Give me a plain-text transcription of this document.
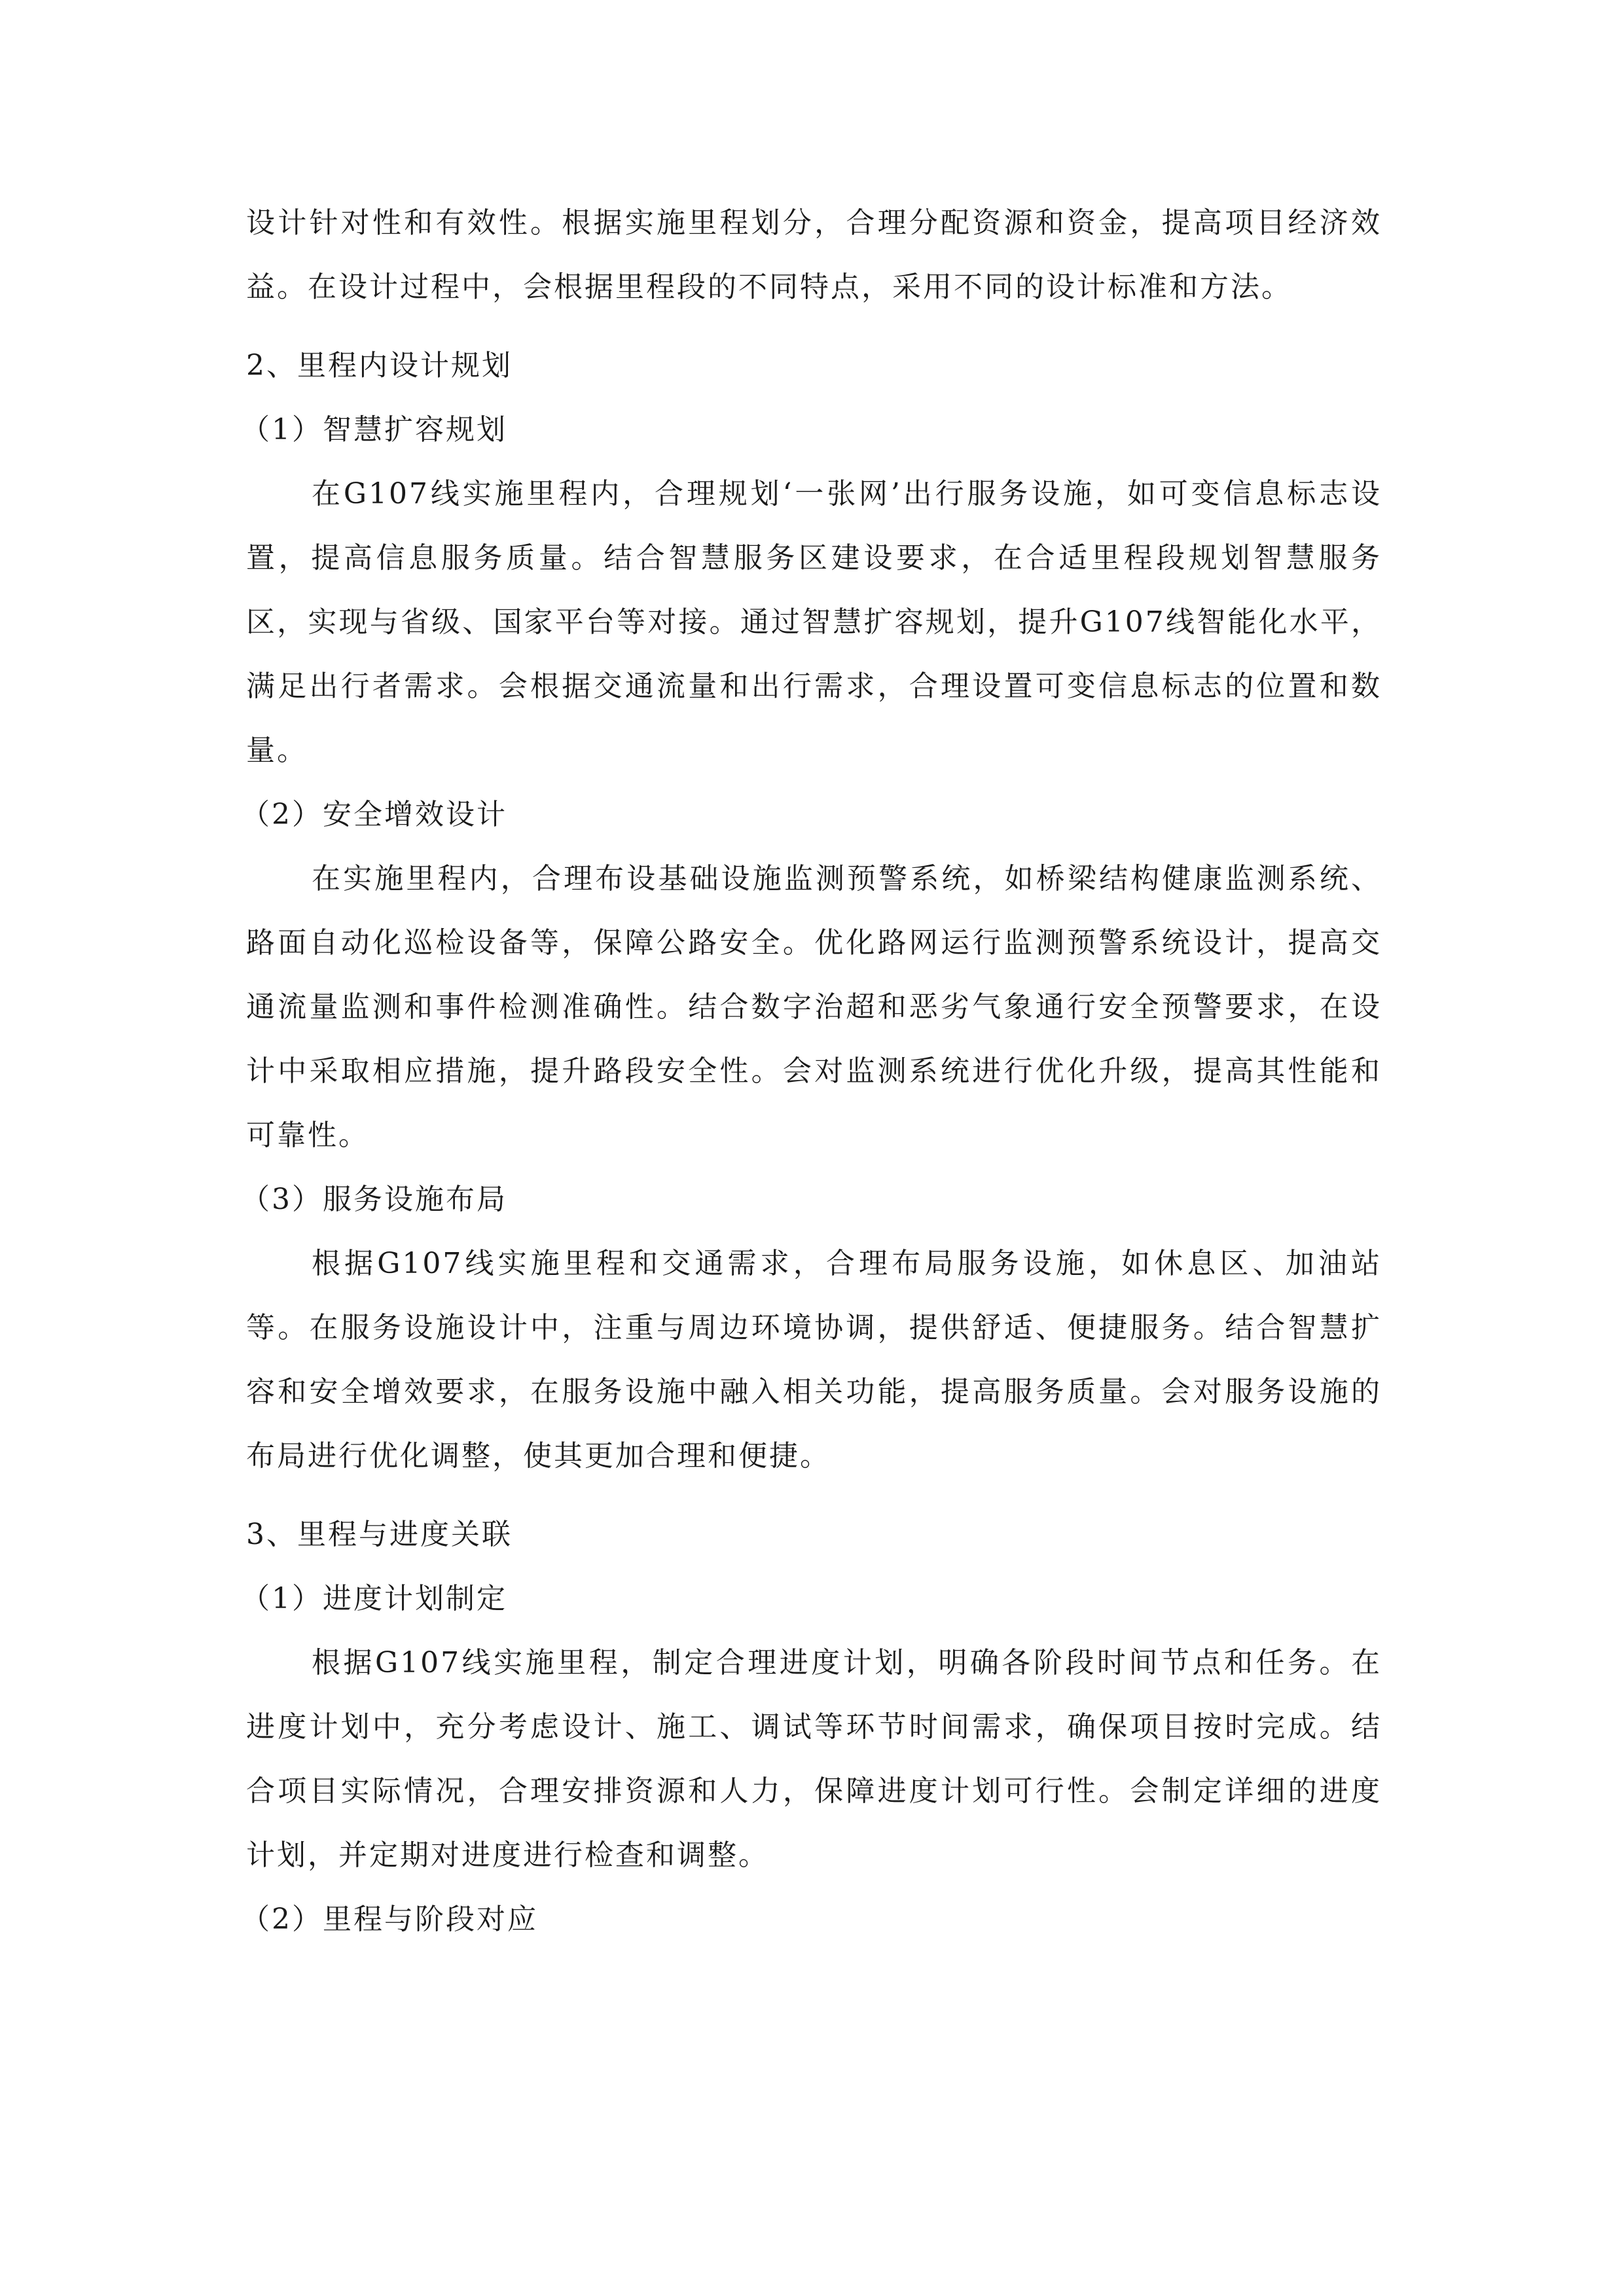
设计针对性和有效性。根据实施里程划分，合理分配资源和资金，提高项目经济效益。在设计过程中，会根据里程段的不同特点，采用不同的设计标准和方法。

2、里程内设计规划

（1）智慧扩容规划

在G107线实施里程内，合理规划‘一张网’出行服务设施，如可变信息标志设置，提高信息服务质量。结合智慧服务区建设要求，在合适里程段规划智慧服务区，实现与省级、国家平台等对接。通过智慧扩容规划，提升G107线智能化水平，满足出行者需求。会根据交通流量和出行需求，合理设置可变信息标志的位置和数量。

（2）安全增效设计

在实施里程内，合理布设基础设施监测预警系统，如桥梁结构健康监测系统、路面自动化巡检设备等，保障公路安全。优化路网运行监测预警系统设计，提高交通流量监测和事件检测准确性。结合数字治超和恶劣气象通行安全预警要求，在设计中采取相应措施，提升路段安全性。会对监测系统进行优化升级，提高其性能和可靠性。

（3）服务设施布局

根据G107线实施里程和交通需求，合理布局服务设施，如休息区、加油站等。在服务设施设计中，注重与周边环境协调，提供舒适、便捷服务。结合智慧扩容和安全增效要求，在服务设施中融入相关功能，提高服务质量。会对服务设施的布局进行优化调整，使其更加合理和便捷。

3、里程与进度关联

（1）进度计划制定

根据G107线实施里程，制定合理进度计划，明确各阶段时间节点和任务。在进度计划中，充分考虑设计、施工、调试等环节时间需求，确保项目按时完成。结合项目实际情况，合理安排资源和人力，保障进度计划可行性。会制定详细的进度计划，并定期对进度进行检查和调整。

（2）里程与阶段对应
